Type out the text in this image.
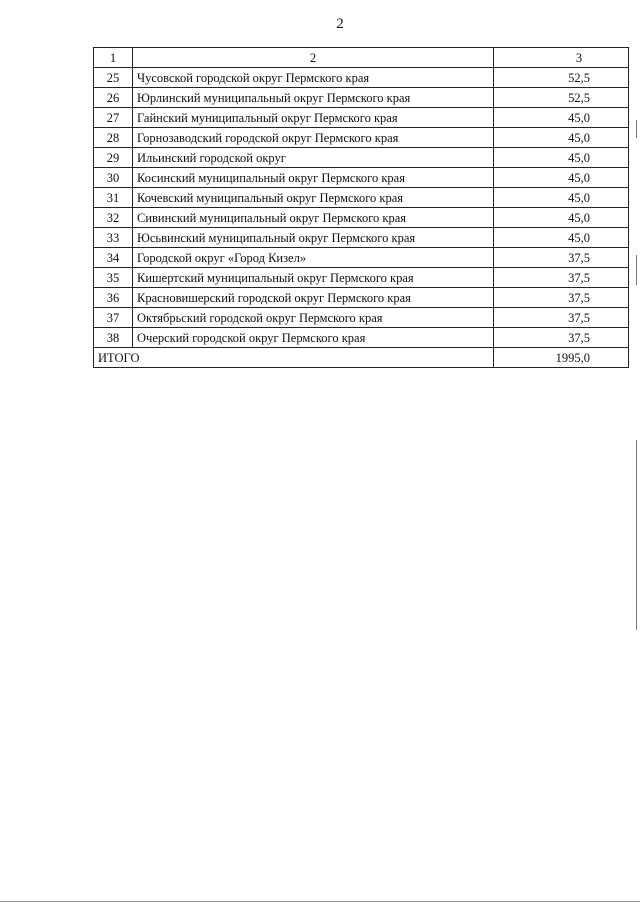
2
1	2	3
25	Чусовской городской округ Пермского края	52,5
26	Юрлинский муниципальный округ Пермского края	52,5
27	Гайнский муниципальный округ Пермского края	45,0
28	Горнозаводский городской округ Пермского края	45,0
29	Ильинский городской округ	45,0
30	Косинский муниципальный округ Пермского края	45,0
31	Кочевский муниципальный округ Пермского края	45,0
32	Сивинский муниципальный округ Пермского края	45,0
33	Юсьвинский муниципальный округ Пермского края	45,0
34	Городской округ «Город Кизел»	37,5
35	Кишертский муниципальный округ Пермского края	37,5
36	Красновишерский городской округ Пермского края	37,5
37	Октябрьский городской округ Пермского края	37,5
38	Очерский городской округ Пермского края	37,5
ИТОГО		1995,0
